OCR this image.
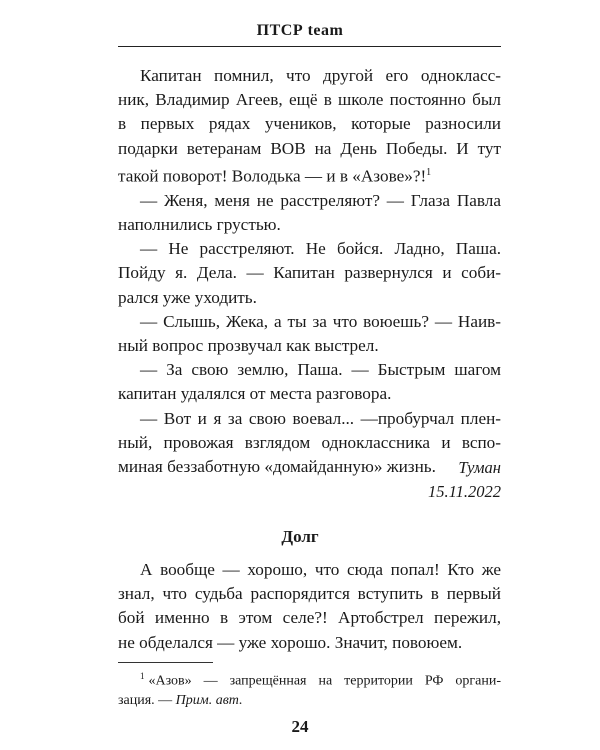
ПТСР team
Капитан помнил, что другой его однокласс-
ник, Владимир Агеев, ещё в школе постоянно был
в первых рядах учеников, которые разносили
подарки ветеранам ВОВ на День Победы. И тут
такой поворот! Володька — и в «Азове»?!$^1$
— Женя, меня не расстреляют? — Глаза Павла
наполнились грустью.
— Не расстреляют. Не бойся. Ладно, Паша.
Пойду я. Дела. — Капитан развернулся и соби-
рался уже уходить.
— Слышь, Жека, а ты за что воюешь? — Наив-
ный вопрос прозвучал как выстрел.
— За свою землю, Паша. — Быстрым шагом
капитан удалялся от места разговора.
— Вот и я за свою воевал... —пробурчал плен-
ный, провожая взглядом одноклассника и вспо-
миная беззаботную «домайданную» жизнь.	Туман
15.11.2022
Долг
А вообще — хорошо, что сюда попал! Кто же
знал, что судьба распорядится вступить в первый
бой именно в этом селе?! Артобстрел пережил,
не обделался — уже хорошо. Значит, повоюем.
$^1$ «Азов» — запрещённая на территории РФ органи-
зация. — Прим. авт.
24
